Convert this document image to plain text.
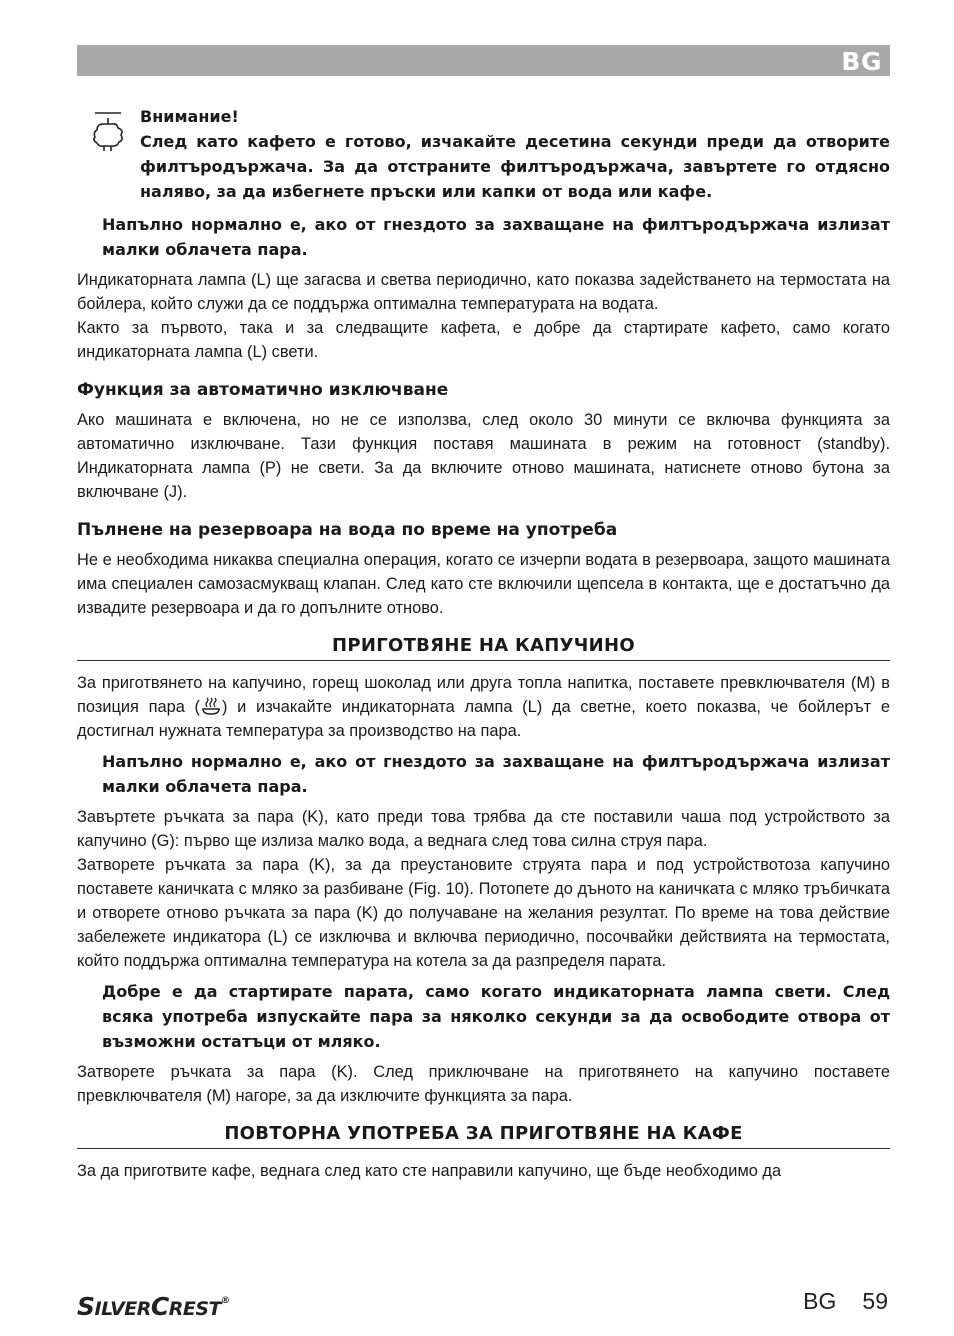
BG
Внимание!
След като кафето е готово, изчакайте десетина секунди преди да отворите филтъродържача. За да отстраните филтъродържача, завъртете го отдясно наляво, за да избегнете пръски или капки от вода или кафе.
Напълно нормално е, ако от гнездото за захващане на филтъродържача излизат малки облачета пара.

Индикаторната лампа (L) ще загасва и светва периодично, като показва задействането на термостата на бойлера, който служи да се поддържа оптимална температурата на водата.

Както за първото, така и за следващите кафета, е добре да стартирате кафето, само когато индикаторната лампа (L) свети.

Функция за автоматично изключване

Ако машината е включена, но не се използва, след около 30 минути се включва функцията за автоматично изключване. Тази функция поставя машината в режим на готовност (standby). Индикаторната лампа (P) не свети. За да включите отново машината, натиснете отново бутона за включване (J).

Пълнене на резервоара на вода по време на употреба

Не е необходима никаква специална операция, когато се изчерпи водата в резервоара, защото машината има специален самозасмукващ клапан. След като сте включили щепсела в контакта, ще е достатъчно да извадите резервоара и да го допълните отново.

ПРИГОТВЯНЕ НА КАПУЧИНО

За приготвянето на капучино, горещ шоколад или друга топла напитка, поставете превключвателя (M) в позиция пара ( ) и изчакайте индикаторната лампа (L) да светне, което показва, че бойлерът е достигнал нужната температура за производство на пара.

Напълно нормално е, ако от гнездото за захващане на филтъродържача излизат малки облачета пара.

Завъртете ръчката за пара (K), като преди това трябва да сте поставили чаша под устройството за капучино (G): първо ще излиза малко вода, а веднага след това силна струя пара.

Затворете ръчката за пара (K), за да преустановите струята пара и под устройствотоза капучино поставете каничката с мляко за разбиване (Fig. 10). Потопете до дъното на каничката с мляко тръбичката и отворете отново ръчката за пара (K) до получаване на желания резултат. По време на това действие забележете индикатора (L) се изключва и включва периодично, посочвайки действията на термостата, който поддържа оптимална температура на котела за да разпределя парата.

Добре е да стартирате парата, само когато индикаторната лампа свети. След всяка употреба изпускайте пара за няколко секунди за да освободите отвора от възможни остатъци от мляко.

Затворете ръчката за пара (K). След приключване на приготвянето на капучино поставете превключвателя (M) нагоре, за да изключите функцията за пара.

ПОВТОРНА УПОТРЕБА ЗА ПРИГОТВЯНЕ НА КАФЕ

За да приготвите кафе, веднага след като сте направили капучино, ще бъде необходимо да

SILVERCREST®	BG 59
